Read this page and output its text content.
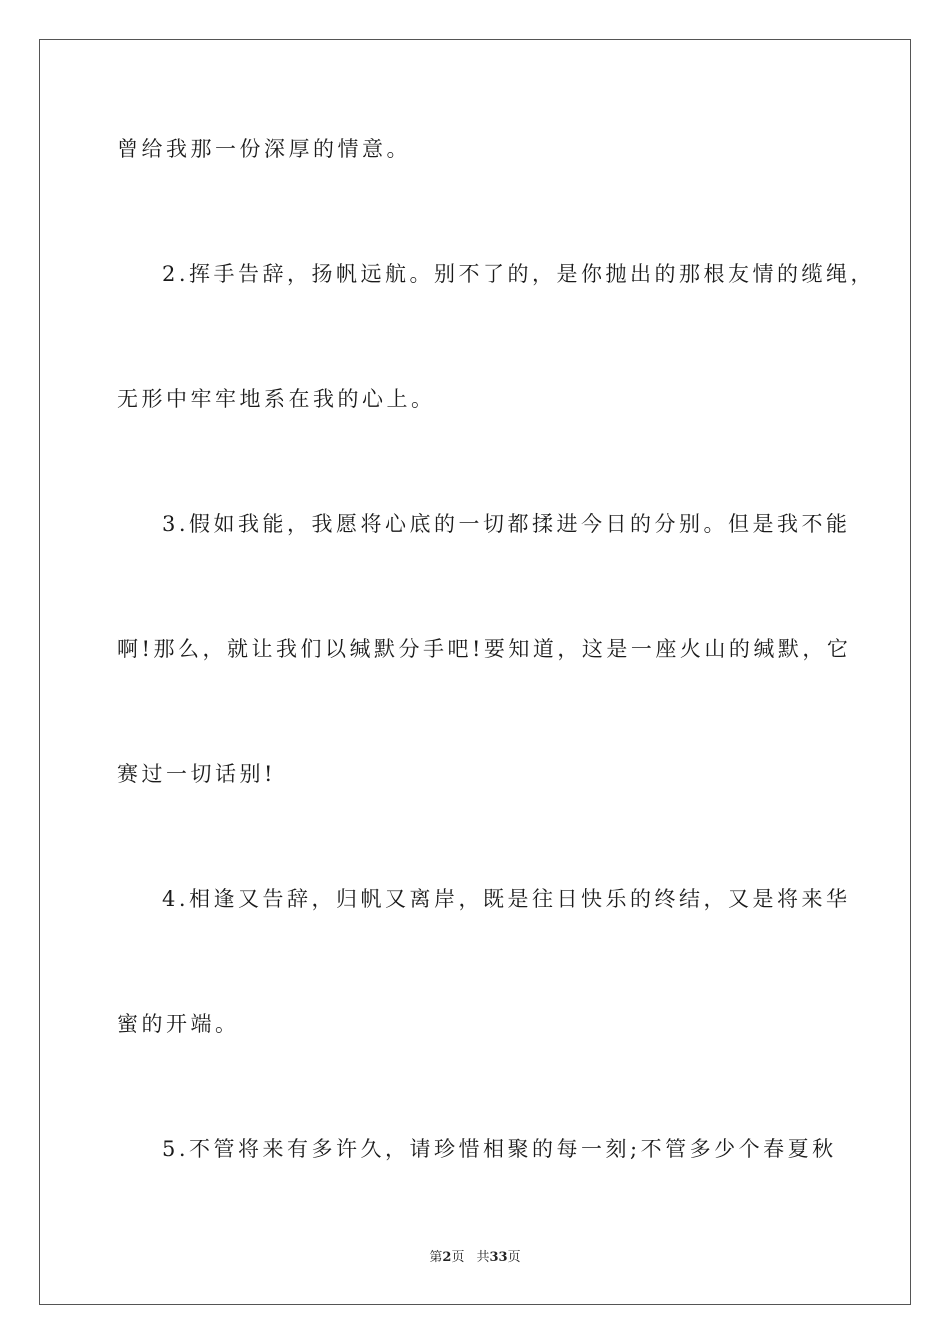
曾给我那一份深厚的情意。
2.挥手告辞，扬帆远航。别不了的，是你抛出的那根友情的缆绳，
无形中牢牢地系在我的心上。
3.假如我能，我愿将心底的一切都揉进今日的分别。但是我不能
啊!那么，就让我们以缄默分手吧!要知道，这是一座火山的缄默，它
赛过一切话别!
4.相逢又告辞，归帆又离岸，既是往日快乐的终结，又是将来华
蜜的开端。
5.不管将来有多许久，请珍惜相聚的每一刻;不管多少个春夏秋
第2页 共33页
